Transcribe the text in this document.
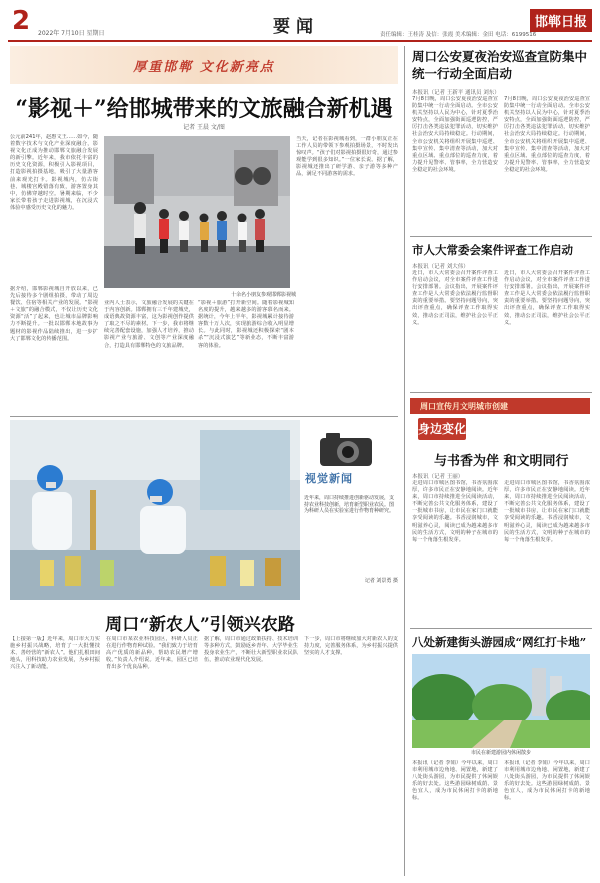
2 2022年 7月10日 星期日	要闻	责任编辑：王桂涛 及信：张霞 美术编辑：金田 电话：6199516
邯郸日报
厚重邯郸 文化新亮点
“影视＋”给邯城带来的文旅融合新机遇
记者 王晨 文/图
公元前241年，赵惠文王……如今，随着数字技术与文化产业深度融合，影视文化正成为推动邯郸文旅融合发展的新引擎。近年来，我市依托丰富的历史文化资源，积极引入影视项目，打造影视拍摄基地，吸引了大量游客前来观光打卡。影视城内，仿古街巷、城楼宫殿错落有致，游客置身其中，仿佛穿越时空。暑期来临，不少家长带着孩子走进影视城，在沉浸式体验中感受历史文化的魅力。
据介绍，邯郸影视城自开放以来，已先后接待多个剧组拍摄，带动了周边餐饮、住宿等相关产业的发展。“影视＋文旅”的融合模式，不仅让历史文化资源“活”了起来，也让城市品牌影响力不断提升。一批以邯郸本地故事为题材的影视作品陆续推出，进一步扩大了邯郸文化的传播范围。
十余名小朋友参观邯郸影视城
当天，记者在影视城看到，一群小朋友正在工作人员的带领下参观拍摄场景，不时发出惊叹声。“孩子们对影视拍摄很好奇，通过参观能学到很多知识。”一位家长说。据了解，影视城还推出了研学游、亲子游等多种产品，满足不同游客的需求。
业内人士表示，文旅融合发展的关键在于内容创新。邯郸拥有三千年建城史，成语典故资源丰富，这为影视创作提供了取之不尽的素材。下一步，我市将继续完善配套设施，加强人才培养，推动影视产业与旅游、文创等产业深度融合，打造具有邯郸特色的文旅品牌。
“影视＋旅游”打开新空间。随着影视城知名度的提升，越来越多的游客慕名而来。据统计，今年上半年，影视城累计接待游客数十万人次，实现旅游综合收入明显增长。与此同时，影视城还积极探索“剧本杀”“沉浸式演艺”等新业态，不断丰富游客的体验。
视觉新闻
近年来，周口持续推进创新驱动发展，支持农业科技创新，培育新型职业农民。图为科研人员在实验室进行作物育种研究。
记者 刘景勇 摄
周口“新农人”引领兴农路
【上接第一版】近年来，周口市大力实施乡村振兴战略，培育了一大批懂技术、善经营的“新农人”。他们扎根田间地头，用科技助力农业发展，为乡村振兴注入了新动能。
在周口市某农业科技园区，科研人员正在进行作物育种试验。“我们致力于培育高产优质的新品种，帮助农民增产增收。”负责人介绍说。近年来，园区已培育出多个优良品种。
据了解，周口市通过政策扶持、技术培训等多种方式，鼓励返乡青年、大学毕业生投身农业生产，不断壮大新型职业农民队伍，推动农业现代化发展。
下一步，周口市将继续加大对新农人的支持力度，完善服务体系，为乡村振兴提供坚实的人才支撑。
周口公安夏夜治安巡查宣防集中统一行动全面启动
本报讯（记者 王新平 通讯员 刘东）
7月8日晚，周口公安夏夜治安巡查宣防集中统一行动全面启动。全市公安机关坚持以人民为中心，针对夏季治安特点，全面加强街面巡逻防控，严厉打击各类违法犯罪活动，切实维护社会治安大局持续稳定。行动期间，全市公安机关将组织开展集中巡逻、集中宣传、集中清查等活动，加大对重点区域、重点部位的巡查力度，着力提升见警率、管事率，全力营造安全稳定的社会环境。
7月8日晚，周口公安夏夜治安巡查宣防集中统一行动全面启动。全市公安机关坚持以人民为中心，针对夏季治安特点，全面加强街面巡逻防控，严厉打击各类违法犯罪活动，切实维护社会治安大局持续稳定。行动期间，全市公安机关将组织开展集中巡逻、集中宣传、集中清查等活动，加大对重点区域、重点部位的巡查力度，着力提升见警率、管事率，全力营造安全稳定的社会环境。
市人大常委会案件评查工作启动
本报讯（记者 刘大伟）
近日，市人大常委会召开案件评查工作启动会议，对全市案件评查工作进行安排部署。会议指出，开展案件评查工作是人大常委会依法履行监督职责的重要举措。要坚持问题导向，突出评查重点，确保评查工作取得实效，推动公正司法，维护社会公平正义。
近日，市人大常委会召开案件评查工作启动会议，对全市案件评查工作进行安排部署。会议指出，开展案件评查工作是人大常委会依法履行监督职责的重要举措。要坚持问题导向，突出评查重点，确保评查工作取得实效，推动公正司法，维护社会公平正义。
周口宣传月文明城市创建
身边变化
与书香为伴 和文明同行
本报讯（记者 王丽）
走进周口市城区图书馆，书香氛围浓厚，许多市民正在安静地阅读。近年来，周口市持续推进全民阅读活动，不断完善公共文化服务体系，建设了一批城市书房，让市民在家门口就能享受阅读的乐趣。书香浸润城市，文明滋养心灵，阅读已成为越来越多市民的生活方式，文明的种子在城市的每一个角落生根发芽。
走进周口市城区图书馆，书香氛围浓厚，许多市民正在安静地阅读。近年来，周口市持续推进全民阅读活动，不断完善公共文化服务体系，建设了一批城市书房，让市民在家门口就能享受阅读的乐趣。书香浸润城市，文明滋养心灵，阅读已成为越来越多市民的生活方式，文明的种子在城市的每一个角落生根发芽。
八处新建街头游园成“网红打卡地”
市民在新建游园内休闲散步
本报讯（记者 李娟）今年以来，周口市利用城市边角地、闲置地，新建了八处街头游园，为市民提供了休闲娱乐的好去处。这些游园绿树成荫、景色宜人，成为市民休闲打卡的新地标。
本报讯（记者 李娟）今年以来，周口市利用城市边角地、闲置地，新建了八处街头游园，为市民提供了休闲娱乐的好去处。这些游园绿树成荫、景色宜人，成为市民休闲打卡的新地标。
